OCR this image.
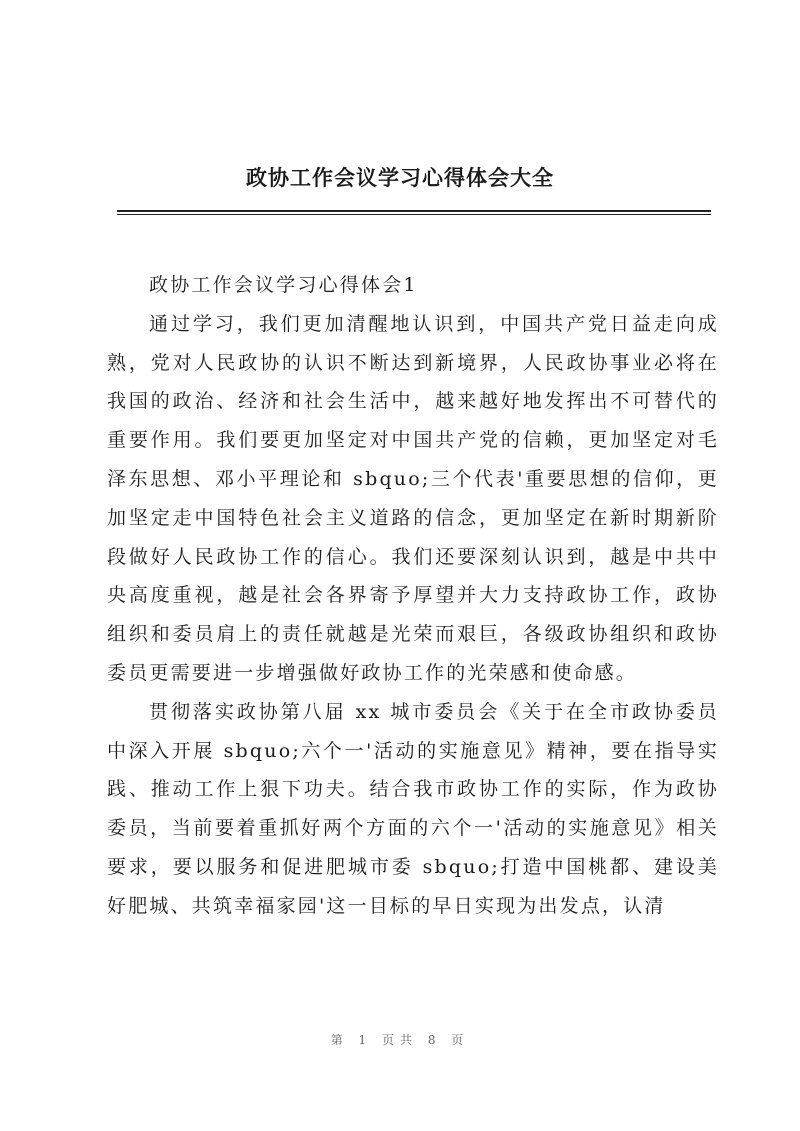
政协工作会议学习心得体会大全

政协工作会议学习心得体会1

通过学习，我们更加清醒地认识到，中国共产党日益走向成熟，党对人民政协的认识不断达到新境界，人民政协事业必将在我国的政治、经济和社会生活中，越来越好地发挥出不可替代的重要作用。我们要更加坚定对中国共产党的信赖，更加坚定对毛泽东思想、邓小平理论和 sbquo;三个代表'重要思想的信仰，更加坚定走中国特色社会主义道路的信念，更加坚定在新时期新阶段做好人民政协工作的信心。我们还要深刻认识到，越是中共中央高度重视，越是社会各界寄予厚望并大力支持政协工作，政协组织和委员肩上的责任就越是光荣而艰巨，各级政协组织和政协委员更需要进一步增强做好政协工作的光荣感和使命感。

贯彻落实政协第八届 xx 城市委员会《关于在全市政协委员中深入开展 sbquo;六个一'活动的实施意见》精神，要在指导实践、推动工作上狠下功夫。结合我市政协工作的实际，作为政协委员，当前要着重抓好两个方面的六个一'活动的实施意见》相关要求，要以服务和促进肥城市委 sbquo;打造中国桃都、建设美好肥城、共筑幸福家园'这一目标的早日实现为出发点，认清

第 1 页共 8 页
